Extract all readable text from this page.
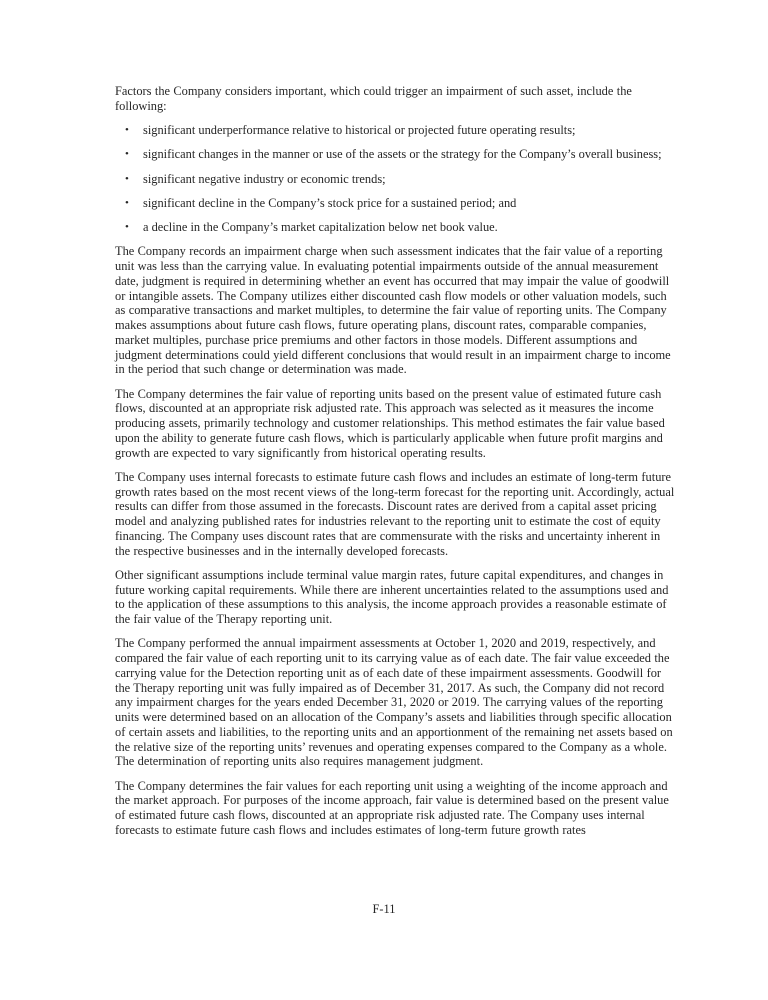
Factors the Company considers important, which could trigger an impairment of such asset, include the following:

•	significant underperformance relative to historical or projected future operating results;
•	significant changes in the manner or use of the assets or the strategy for the Company’s overall business;
•	significant negative industry or economic trends;
•	significant decline in the Company’s stock price for a sustained period; and
•	a decline in the Company’s market capitalization below net book value.

The Company records an impairment charge when such assessment indicates that the fair value of a reporting unit was less than the carrying value. In evaluating potential impairments outside of the annual measurement date, judgment is required in determining whether an event has occurred that may impair the value of goodwill or intangible assets. The Company utilizes either discounted cash flow models or other valuation models, such as comparative transactions and market multiples, to determine the fair value of reporting units. The Company makes assumptions about future cash flows, future operating plans, discount rates, comparable companies, market multiples, purchase price premiums and other factors in those models. Different assumptions and judgment determinations could yield different conclusions that would result in an impairment charge to income in the period that such change or determination was made.

The Company determines the fair value of reporting units based on the present value of estimated future cash flows, discounted at an appropriate risk adjusted rate. This approach was selected as it measures the income producing assets, primarily technology and customer relationships. This method estimates the fair value based upon the ability to generate future cash flows, which is particularly applicable when future profit margins and growth are expected to vary significantly from historical operating results.

The Company uses internal forecasts to estimate future cash flows and includes an estimate of long-term future growth rates based on the most recent views of the long-term forecast for the reporting unit. Accordingly, actual results can differ from those assumed in the forecasts. Discount rates are derived from a capital asset pricing model and analyzing published rates for industries relevant to the reporting unit to estimate the cost of equity financing. The Company uses discount rates that are commensurate with the risks and uncertainty inherent in the respective businesses and in the internally developed forecasts.

Other significant assumptions include terminal value margin rates, future capital expenditures, and changes in future working capital requirements. While there are inherent uncertainties related to the assumptions used and to the application of these assumptions to this analysis, the income approach provides a reasonable estimate of the fair value of the Therapy reporting unit.

The Company performed the annual impairment assessments at October 1, 2020 and 2019, respectively, and compared the fair value of each reporting unit to its carrying value as of each date. The fair value exceeded the carrying value for the Detection reporting unit as of each date of these impairment assessments. Goodwill for the Therapy reporting unit was fully impaired as of December 31, 2017. As such, the Company did not record any impairment charges for the years ended December 31, 2020 or 2019. The carrying values of the reporting units were determined based on an allocation of the Company’s assets and liabilities through specific allocation of certain assets and liabilities, to the reporting units and an apportionment of the remaining net assets based on the relative size of the reporting units’ revenues and operating expenses compared to the Company as a whole. The determination of reporting units also requires management judgment.

The Company determines the fair values for each reporting unit using a weighting of the income approach and the market approach. For purposes of the income approach, fair value is determined based on the present value of estimated future cash flows, discounted at an appropriate risk adjusted rate. The Company uses internal forecasts to estimate future cash flows and includes estimates of long-term future growth rates

F-11
